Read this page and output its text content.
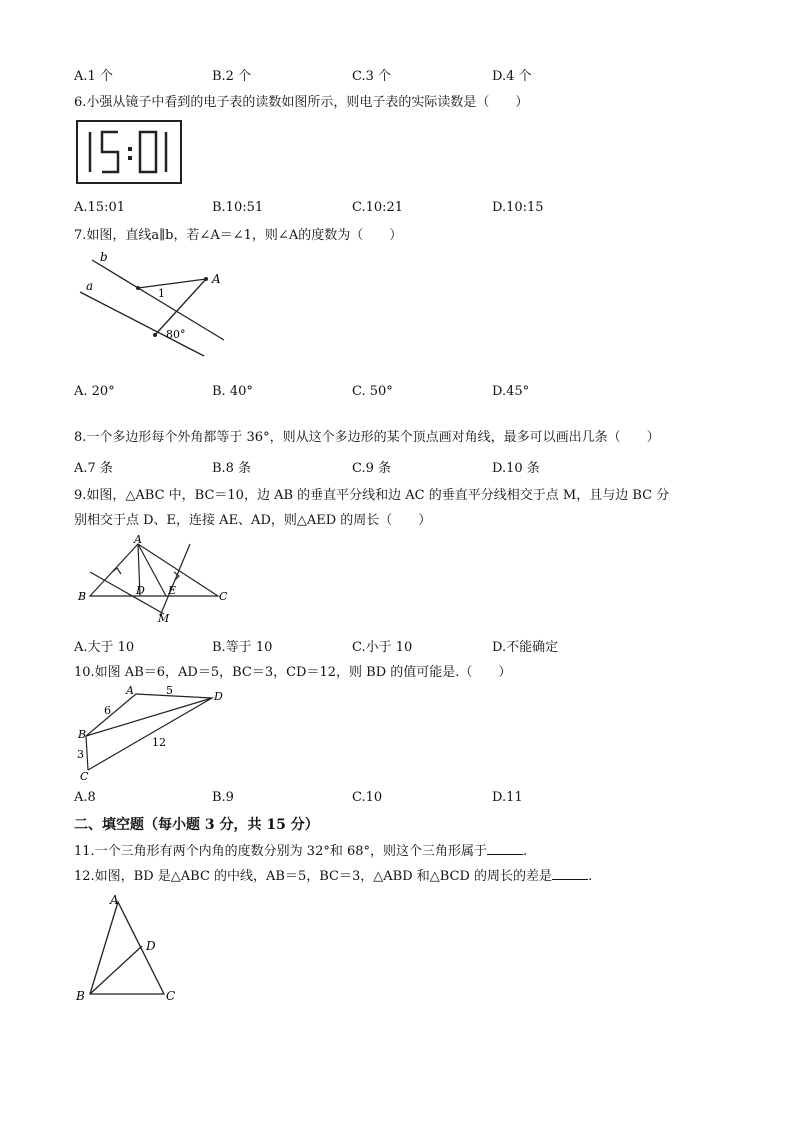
A.1 个	B.2 个	C.3 个	D.4 个
6.小强从镜子中看到的电子表的读数如图所示，则电子表的实际读数是（　　）
A.15:01	B.10:51	C.10:21	D.10:15
7.如图，直线a∥b，若∠A＝∠1，则∠A的度数为（　　）
b
a	A
1
80°
A. 20°	B. 40°	C. 50°	D.45°
8.一个多边形每个外角都等于 36°，则从这个多边形的某个顶点画对角线，最多可以画出几条（　　）
A.7 条	B.8 条	C.9 条	D.10 条
9.如图，△ABC 中，BC＝10，边 AB 的垂直平分线和边 AC 的垂直平分线相交于点 M，且与边 BC 分
别相交于点 D、E，连接 AE、AD，则△AED 的周长（　　）
A
B	C
D E
M
A.大于 10	B.等于 10	C.小于 10	D.不能确定
10.如图 AB＝6，AD＝5，BC＝3，CD＝12，则 BD 的值可能是.（　　）
A
B
C
D
6
5
3
12
A.8	B.9	C.10	D.11
二、填空题（每小题 3 分，共 15 分）
11.一个三角形有两个内角的度数分别为 32°和 68°，则这个三角形属于	.
12.如图，BD 是△ABC 的中线，AB＝5，BC＝3，△ABD 和△BCD 的周长的差是	.
A
D
B	C
